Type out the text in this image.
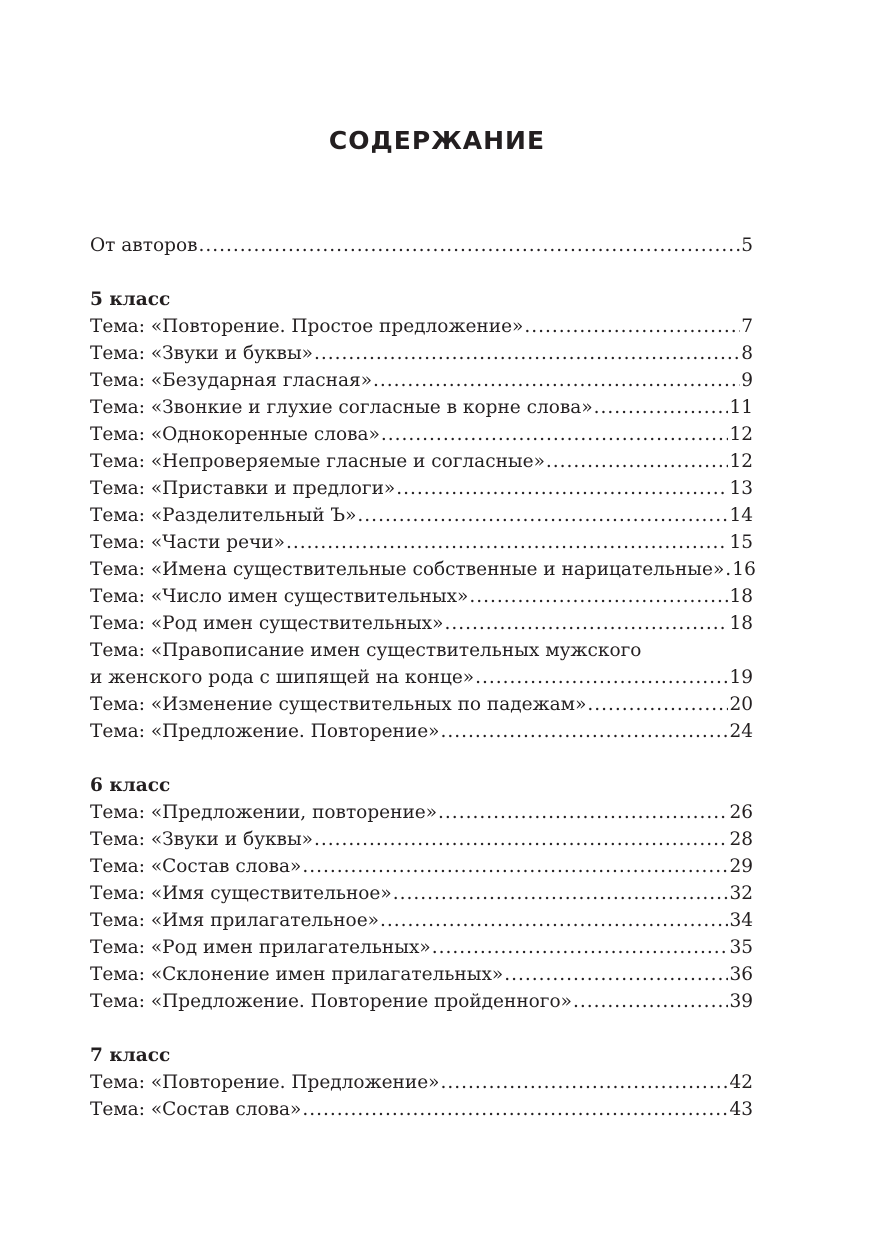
СОДЕРЖАНИЕ
От авторов .....	5
5 класс
Тема: «Повторение. Простое предложение» .....	7
Тема: «Звуки и буквы» .....	8
Тема: «Безударная гласная» .....	9
Тема: «Звонкие и глухие согласные в корне слова» .....	11
Тема: «Однокоренные слова» .....	12
Тема: «Непроверяемые гласные и согласные» .....	12
Тема: «Приставки и предлоги» .....	13
Тема: «Разделительный Ъ» .....	14
Тема: «Части речи» .....	15
Тема: «Имена существительные собственные и нарицательные» ..... 16
Тема: «Число имен существительных» .....	18
Тема: «Род имен существительных» .....	18
Тема: «Правописание имен существительных мужского
и женского рода с шипящей на конце» .....	19
Тема: «Изменение существительных по падежам» .....	20
Тема: «Предложение. Повторение» .....	24
6 класс
Тема: «Предложении, повторение» .....	26
Тема: «Звуки и буквы» .....	28
Тема: «Состав слова» .....	29
Тема: «Имя существительное» .....	32
Тема: «Имя прилагательное» .....	34
Тема: «Род имен прилагательных» .....	35
Тема: «Склонение имен прилагательных» .....	36
Тема: «Предложение. Повторение пройденного» .....	39
7 класс
Тема: «Повторение. Предложение» .....	42
Тема: «Состав слова» .....	43
